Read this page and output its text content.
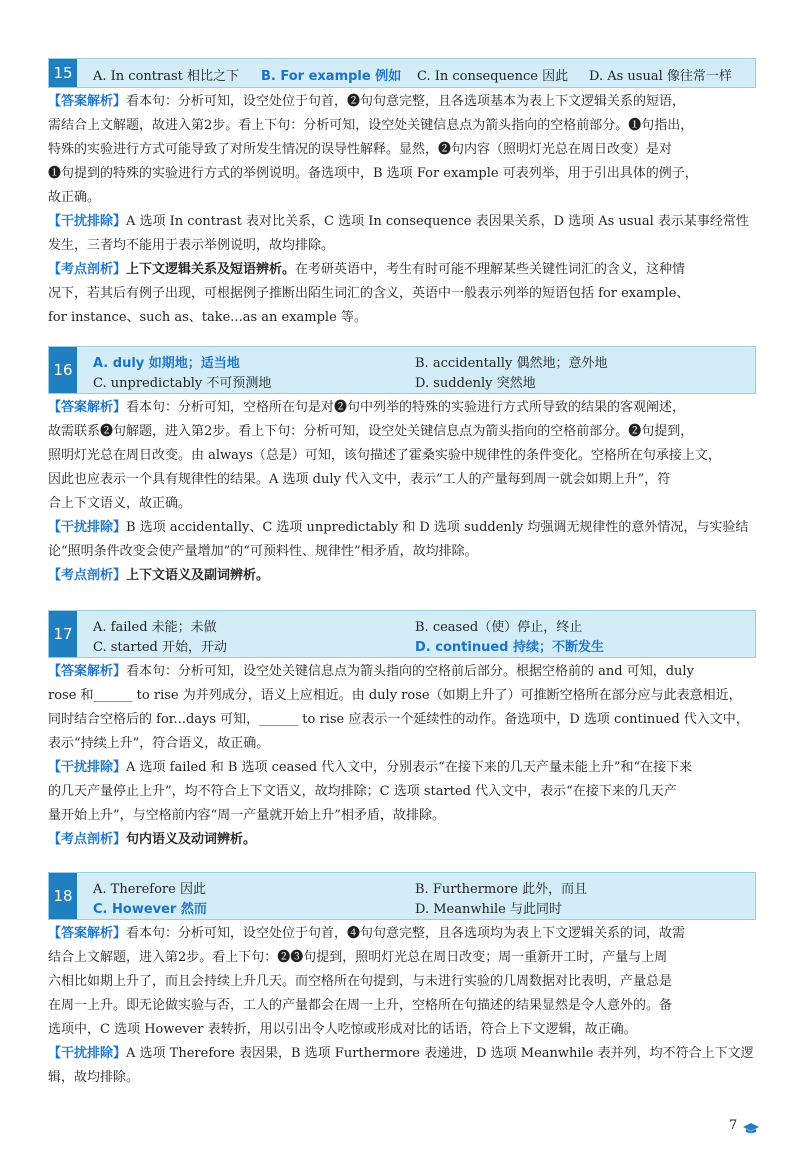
15	A. In contrast 相比之下 B. For example 例如 C. In consequence 因此 D. As usual 像往常一样
【答案解析】看本句：分析可知，设空处位于句首，❷句句意完整，且各选项基本为表上下文逻辑关系的短语，
需结合上文解题，故进入第2步。看上下句：分析可知，设空处关键信息点为箭头指向的空格前部分。❶句指出，
特殊的实验进行方式可能导致了对所发生情况的误导性解释。显然，❷句内容（照明灯光总在周日改变）是对
❶句提到的特殊的实验进行方式的举例说明。备选项中，B 选项 For example 可表列举，用于引出具体的例子，
故正确。
【干扰排除】A 选项 In contrast 表对比关系，C 选项 In consequence 表因果关系，D 选项 As usual 表示某事经常性
发生，三者均不能用于表示举例说明，故均排除。
【考点剖析】上下文逻辑关系及短语辨析。在考研英语中，考生有时可能不理解某些关键性词汇的含义，这种情
况下，若其后有例子出现，可根据例子推断出陌生词汇的含义，英语中一般表示列举的短语包括 for example、
for instance、such as、take...as an example 等。
16	A. duly 如期地；适当地	B. accidentally 偶然地；意外地
C. unpredictably 不可预测地	D. suddenly 突然地
【答案解析】看本句：分析可知，空格所在句是对❷句中列举的特殊的实验进行方式所导致的结果的客观阐述，
故需联系❷句解题，进入第2步。看上下句：分析可知，设空处关键信息点为箭头指向的空格前部分。❷句提到，
照明灯光总在周日改变。由 always（总是）可知，该句描述了霍桑实验中规律性的条件变化。空格所在句承接上文，
因此也应表示一个具有规律性的结果。A 选项 duly 代入文中，表示“工人的产量每到周一就会如期上升”，符
合上下文语义，故正确。
【干扰排除】B 选项 accidentally、C 选项 unpredictably 和 D 选项 suddenly 均强调无规律性的意外情况，与实验结
论“照明条件改变会使产量增加”的“可预料性、规律性”相矛盾，故均排除。
【考点剖析】上下文语义及副词辨析。
17	A. failed 未能；未做	B. ceased（使）停止，终止
C. started 开始，开动	D. continued 持续；不断发生
【答案解析】看本句：分析可知，设空处关键信息点为箭头指向的空格前后部分。根据空格前的 and 可知，duly
rose 和______ to rise 为并列成分，语义上应相近。由 duly rose（如期上升了）可推断空格所在部分应与此表意相近，
同时结合空格后的 for...days 可知，______ to rise 应表示一个延续性的动作。备选项中，D 选项 continued 代入文中，
表示“持续上升”，符合语义，故正确。
【干扰排除】A 选项 failed 和 B 选项 ceased 代入文中，分别表示“在接下来的几天产量未能上升”和“在接下来
的几天产量停止上升”，均不符合上下文语义，故均排除；C 选项 started 代入文中，表示“在接下来的几天产
量开始上升”，与空格前内容“周一产量就开始上升”相矛盾，故排除。
【考点剖析】句内语义及动词辨析。
18	A. Therefore 因此	B. Furthermore 此外，而且
C. However 然而	D. Meanwhile 与此同时
【答案解析】看本句：分析可知，设空处位于句首，❹句句意完整，且各选项均为表上下文逻辑关系的词，故需
结合上文解题，进入第2步。看上下句：❷❸句提到，照明灯光总在周日改变；周一重新开工时，产量与上周
六相比如期上升了，而且会持续上升几天。而空格所在句提到，与未进行实验的几周数据对比表明，产量总是
在周一上升。即无论做实验与否，工人的产量都会在周一上升，空格所在句描述的结果显然是令人意外的。备
选项中，C 选项 However 表转折，用以引出令人吃惊或形成对比的话语，符合上下文逻辑，故正确。
【干扰排除】A 选项 Therefore 表因果，B 选项 Furthermore 表递进，D 选项 Meanwhile 表并列，均不符合上下文逻
辑，故均排除。
7
